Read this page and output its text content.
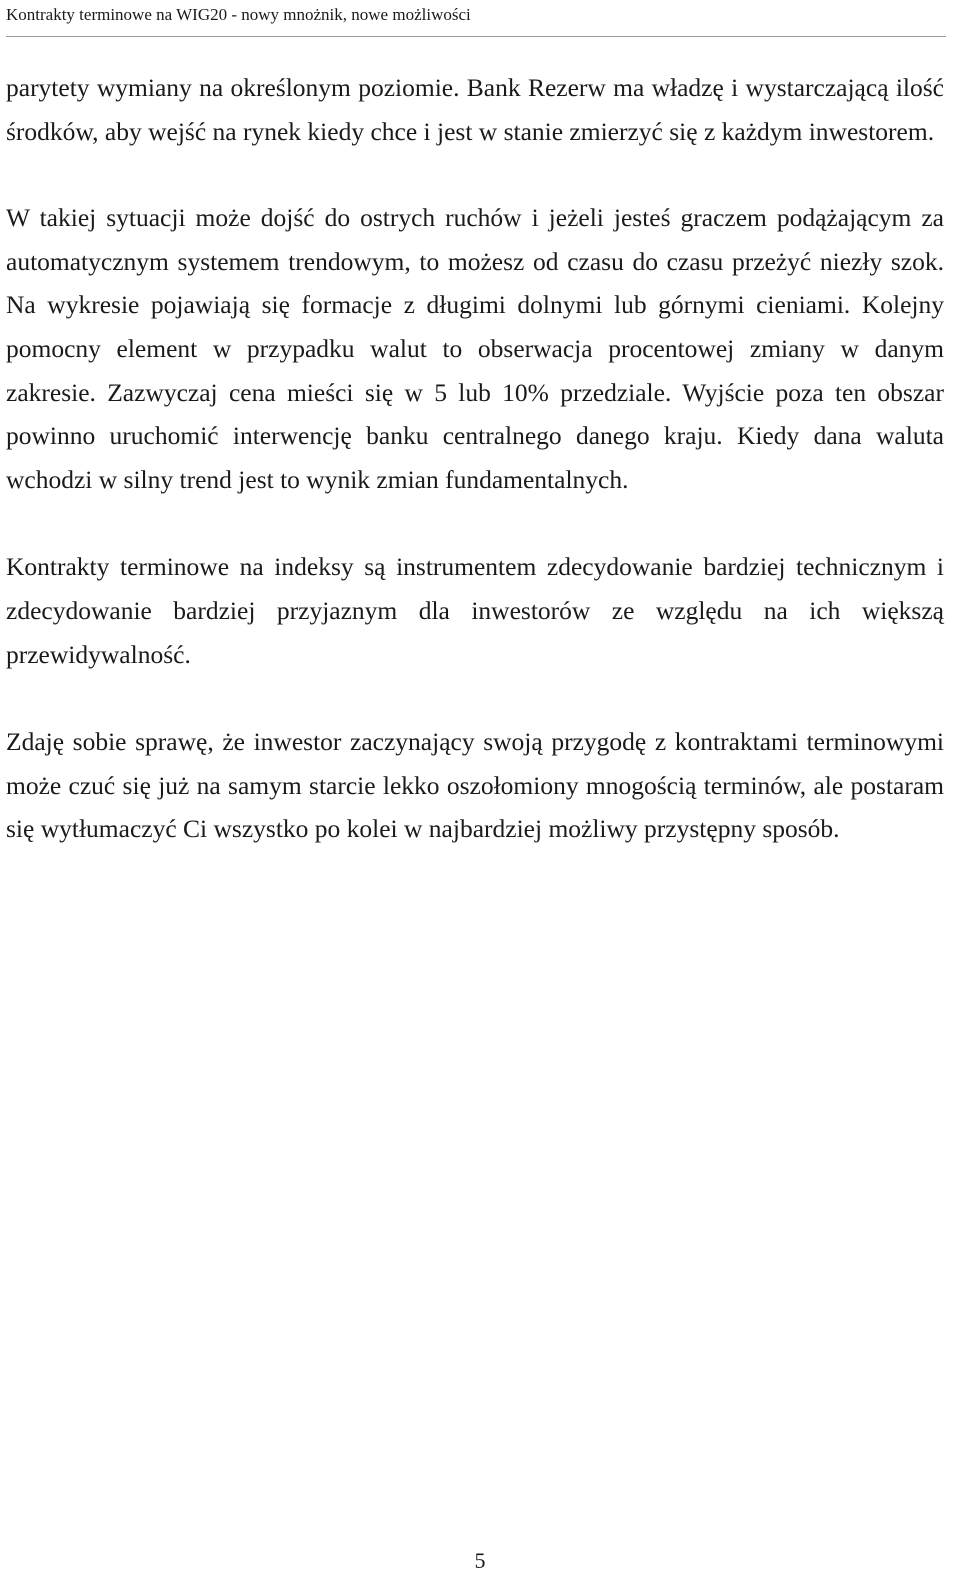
Kontrakty terminowe na WIG20 - nowy mnożnik, nowe możliwości

parytety wymiany na określonym poziomie. Bank Rezerw ma władzę i wystarczającą ilość środków, aby wejść na rynek kiedy chce i jest w stanie zmierzyć się z każdym inwestorem.

W takiej sytuacji może dojść do ostrych ruchów i jeżeli jesteś graczem podążającym za automatycznym systemem trendowym, to możesz od czasu do czasu przeżyć niezły szok. Na wykresie pojawiają się formacje z długimi dolnymi lub górnymi cieniami. Kolejny pomocny element w przypadku walut to obserwacja procentowej zmiany w danym zakresie. Zazwyczaj cena mieści się w 5 lub 10% przedziale. Wyjście poza ten obszar powinno uruchomić interwencję banku centralnego danego kraju. Kiedy dana waluta wchodzi w silny trend jest to wynik zmian fundamentalnych.

Kontrakty terminowe na indeksy są instrumentem zdecydowanie bardziej technicznym i zdecydowanie bardziej przyjaznym dla inwestorów ze względu na ich większą przewidywalność.

Zdaję sobie sprawę, że inwestor zaczynający swoją przygodę z kontraktami terminowymi może czuć się już na samym starcie lekko oszołomiony mnogością terminów, ale postaram się wytłumaczyć Ci wszystko po kolei w najbardziej możliwy przystępny sposób.

5
